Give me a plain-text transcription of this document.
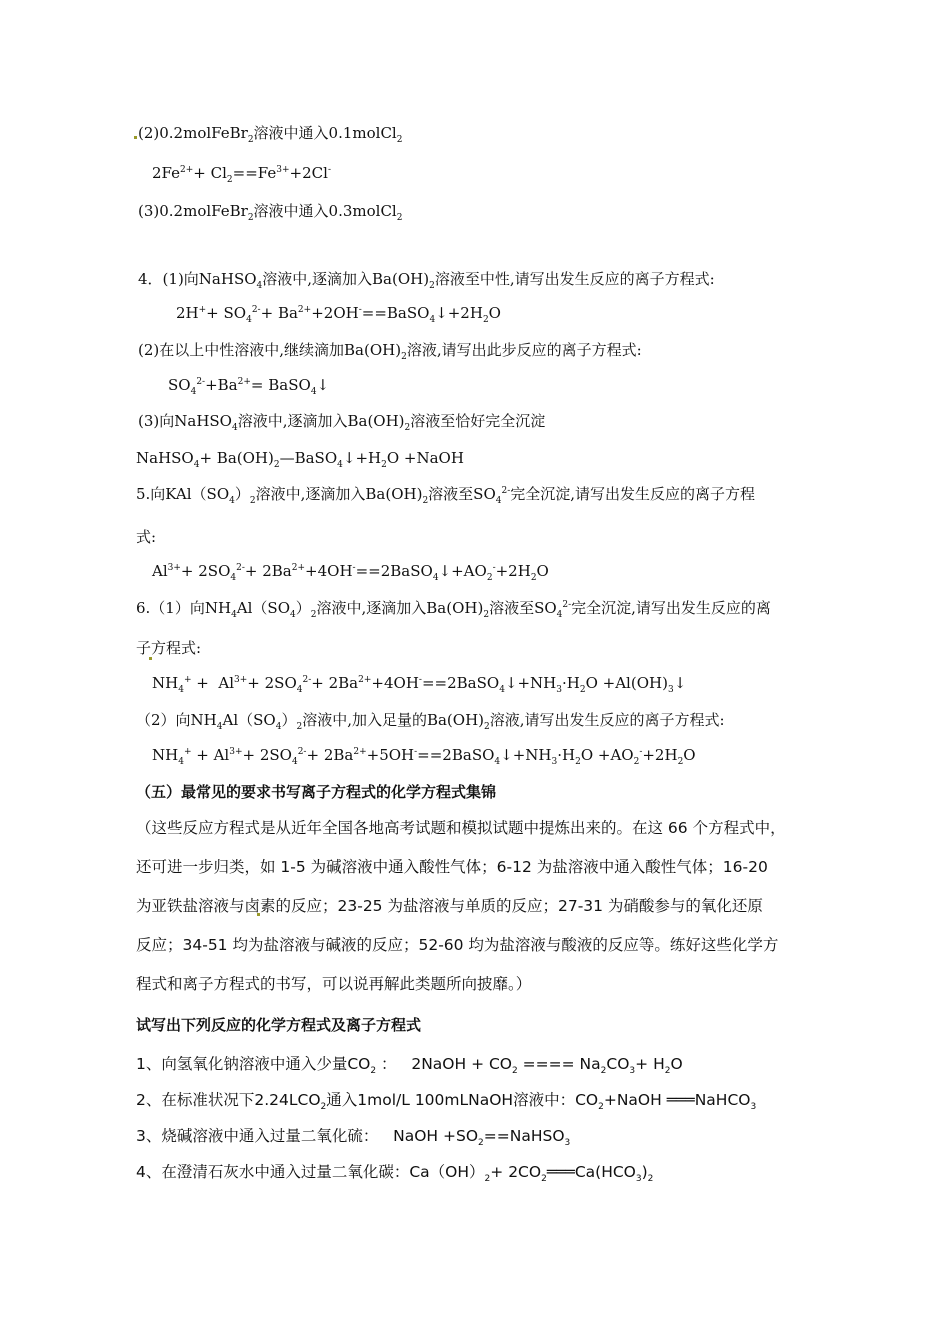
(2)0.2molFeBr$_2$溶液中通入0.1molCl$_2$
$2Fe^{2+}+ Cl_2==Fe^{3+}+2Cl^-$
(3)0.2molFeBr$_2$溶液中通入0.3molCl$_2$
4．(1)向NaHSO$_4$溶液中,逐滴加入$Ba(OH)_2$溶液至中性,请写出发生反应的离子方程式:
$2H^++ SO_4^{2-}+$ $Ba^{2+}+2OH^-==BaSO_4↓+2H_2O$
(2)在以上中性溶液中,继续滴加$Ba(OH)_2$溶液,请写出此步反应的离子方程式:
$SO_4^{2-}+Ba^{2+}=$ BaSO$_4$↓
(3)向NaHSO$_4$溶液中,逐滴加入$Ba(OH)_2$溶液至恰好完全沉淀
NaHSO$_4$+ $Ba(OH)_2—BaSO_4↓+H_2O$ +NaOH
5.向$KAl(SO_4)_2$溶液中,逐滴加入$Ba(OH)_2$溶液至$SO_4^{2-}$完全沉淀,请写出发生反应的离子方程
式:
$Al^{3+}+ 2SO_4^{2-}+$ $2Ba^{2+}+4OH^-==2BaSO_4↓+AO_2^-+2H_2O$
6.（1）向$NH_4Al(SO_4)_2$溶液中,逐滴加入$Ba(OH)_2$溶液至$SO_4^{2-}$完全沉淀,请写出发生反应的离
子方程式:
$NH_4^+ + Al^{3+}+ 2SO_4^{2-}+$ $2Ba^{2+}+4OH^-==2BaSO_4↓+NH_3\cdot H_2O$ $+Al(OH)_3↓$
（2）向$NH_4Al(SO_4)_2$溶液中,加入足量的$Ba(OH)_2$溶液,请写出发生反应的离子方程式:
$NH_4^+ + Al^{3+}+ 2SO_4^{2-}+$ $2Ba^{2+}+5OH^-==2BaSO_4↓+NH_3\cdot H_2O +AO_2^-+2H_2O$
（五）最常见的要求书写离子方程式的化学方程式集锦
（这些反应方程式是从近年全国各地高考试题和模拟试题中提炼出来的。在这 66 个方程式中，
还可进一步归类，如 1-5 为碱溶液中通入酸性气体；6-12 为盐溶液中通入酸性气体；16-20
为亚铁盐溶液与卤素的反应；23-25 为盐溶液与单质的反应；27-31 为硝酸参与的氧化还原
反应；34-51 均为盐溶液与碱液的反应；52-60 均为盐溶液与酸液的反应等。练好这些化学方
程式和离子方程式的书写，可以说再解此类题所向披靡。）
试写出下列反应的化学方程式及离子方程式
1、向氢氧化钠溶液中通入少量$CO_2$ ：   2NaOH + $CO_2$ ==== $Na_2CO_3+ H_2O$
2、在标准状况下$2.24LCO_2$通入1mol/L 100mLNaOH溶液中：$CO_2+NaOH$ ═══NaHCO$_3$
3、烧碱溶液中通入过量二氧化硫：   NaOH $+SO_2==NaHSO_3$
4、在澄清石灰水中通入过量二氧化碳：$Ca(OH)_2+$ $2CO_2═══Ca(HCO_3)_2$
